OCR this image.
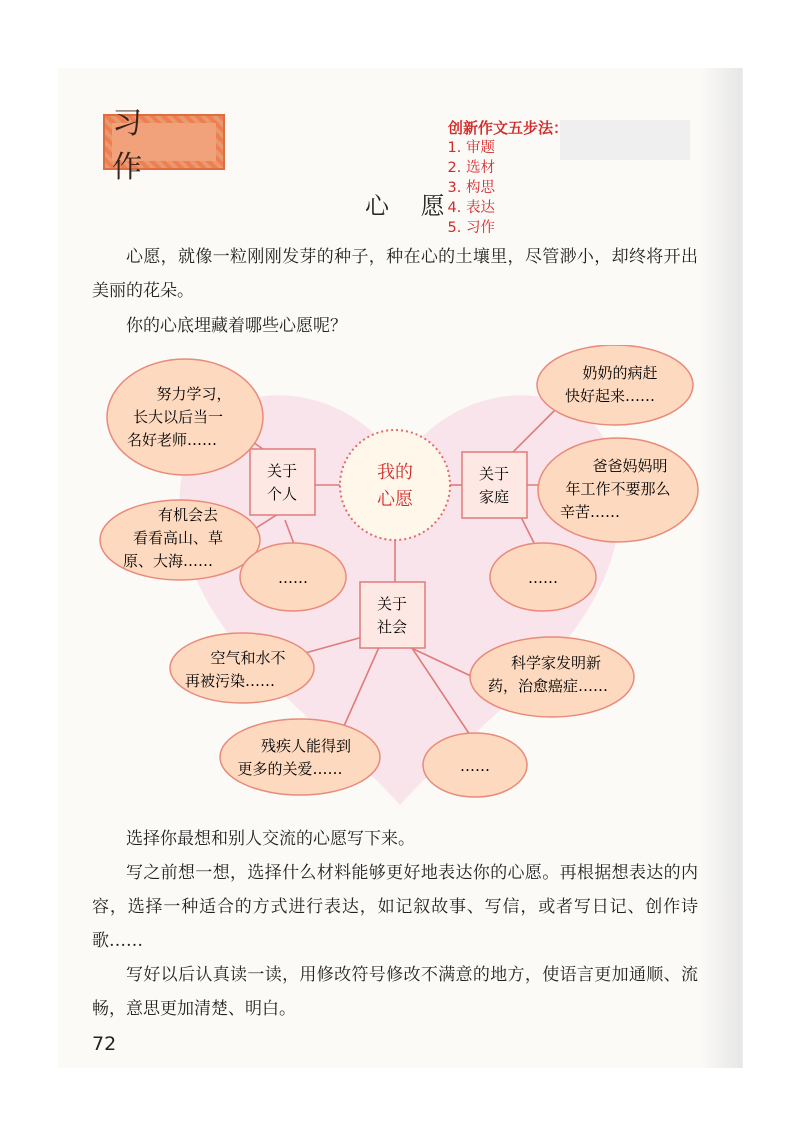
习 作
创新作文五步法：
1. 审题
2. 选材
3. 构思
4. 表达
5. 习作
心 愿
心愿，就像一粒刚刚发芽的种子，种在心的土壤里，尽管渺小，却终将开出美丽的花朵。
你的心底埋藏着哪些心愿呢？
我的
心愿
关于
个人
关于
家庭
关于
社会
努力学习，
长大以后当一
名好老师……
有机会去
看看高山、草
原、大海……
……
奶奶的病赶
快好起来……
爸爸妈妈明
年工作不要那么
辛苦……
……
空气和水不
再被污染……
科学家发明新
药，治愈癌症……
残疾人能得到
更多的关爱……	……
选择你最想和别人交流的心愿写下来。
写之前想一想，选择什么材料能够更好地表达你的心愿。再根据想表达的内容，选择一种适合的方式进行表达，如记叙故事、写信，或者写日记、创作诗歌……
写好以后认真读一读，用修改符号修改不满意的地方，使语言更加通顺、流畅，意思更加清楚、明白。
72
